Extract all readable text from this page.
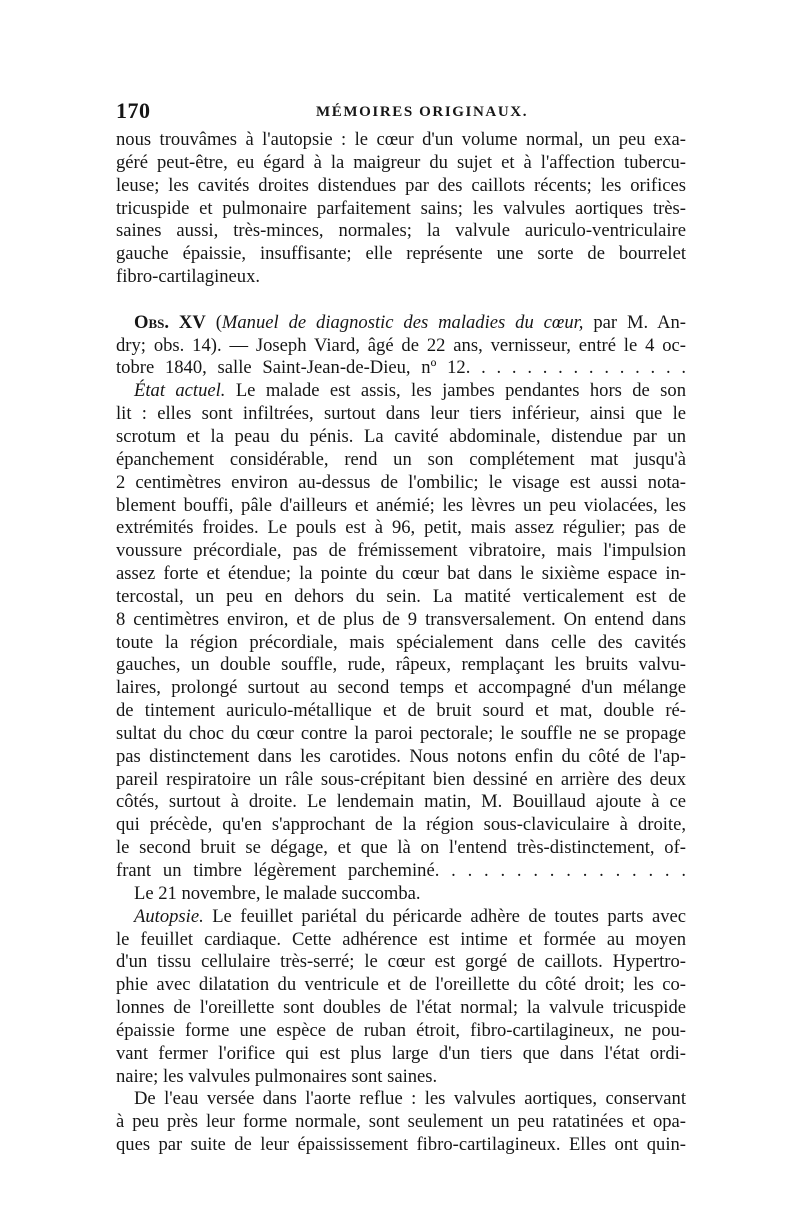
170	MÉMOIRES ORIGINAUX.
nous trouvâmes à l'autopsie : le cœur d'un volume normal, un peu exa-
géré peut-être, eu égard à la maigreur du sujet et à l'affection tubercu-
leuse; les cavités droites distendues par des caillots récents; les orifices
tricuspide et pulmonaire parfaitement sains; les valvules aortiques très-
saines aussi, très-minces, normales; la valvule auriculo-ventriculaire
gauche épaissie, insuffisante; elle représente une sorte de bourrelet
fibro-cartilagineux.
Obs. XV (Manuel de diagnostic des maladies du cœur, par M. An-
dry; obs. 14). — Joseph Viard, âgé de 22 ans, vernisseur, entré le 4 oc-
tobre 1840, salle Saint-Jean-de-Dieu, nº 12. . . . . . . . . . . . . . .
État actuel. Le malade est assis, les jambes pendantes hors de son
lit : elles sont infiltrées, surtout dans leur tiers inférieur, ainsi que le
scrotum et la peau du pénis. La cavité abdominale, distendue par un
épanchement considérable, rend un son complétement mat jusqu'à
2 centimètres environ au-dessus de l'ombilic; le visage est aussi nota-
blement bouffi, pâle d'ailleurs et anémié; les lèvres un peu violacées, les
extrémités froides. Le pouls est à 96, petit, mais assez régulier; pas de
voussure précordiale, pas de frémissement vibratoire, mais l'impulsion
assez forte et étendue; la pointe du cœur bat dans le sixième espace in-
tercostal, un peu en dehors du sein. La matité verticalement est de
8 centimètres environ, et de plus de 9 transversalement. On entend dans
toute la région précordiale, mais spécialement dans celle des cavités
gauches, un double souffle, rude, râpeux, remplaçant les bruits valvu-
laires, prolongé surtout au second temps et accompagné d'un mélange
de tintement auriculo-métallique et de bruit sourd et mat, double ré-
sultat du choc du cœur contre la paroi pectorale; le souffle ne se propage
pas distinctement dans les carotides. Nous notons enfin du côté de l'ap-
pareil respiratoire un râle sous-crépitant bien dessiné en arrière des deux
côtés, surtout à droite. Le lendemain matin, M. Bouillaud ajoute à ce
qui précède, qu'en s'approchant de la région sous-claviculaire à droite,
le second bruit se dégage, et que là on l'entend très-distinctement, of-
frant un timbre légèrement parcheminé. . . . . . . . . . . . . . . .
Le 21 novembre, le malade succomba.
Autopsie. Le feuillet pariétal du péricarde adhère de toutes parts avec
le feuillet cardiaque. Cette adhérence est intime et formée au moyen
d'un tissu cellulaire très-serré; le cœur est gorgé de caillots. Hypertro-
phie avec dilatation du ventricule et de l'oreillette du côté droit; les co-
lonnes de l'oreillette sont doubles de l'état normal; la valvule tricuspide
épaissie forme une espèce de ruban étroit, fibro-cartilagineux, ne pou-
vant fermer l'orifice qui est plus large d'un tiers que dans l'état ordi-
naire; les valvules pulmonaires sont saines.
De l'eau versée dans l'aorte reflue : les valvules aortiques, conservant
à peu près leur forme normale, sont seulement un peu ratatinées et opa-
ques par suite de leur épaississement fibro-cartilagineux. Elles ont quin-
